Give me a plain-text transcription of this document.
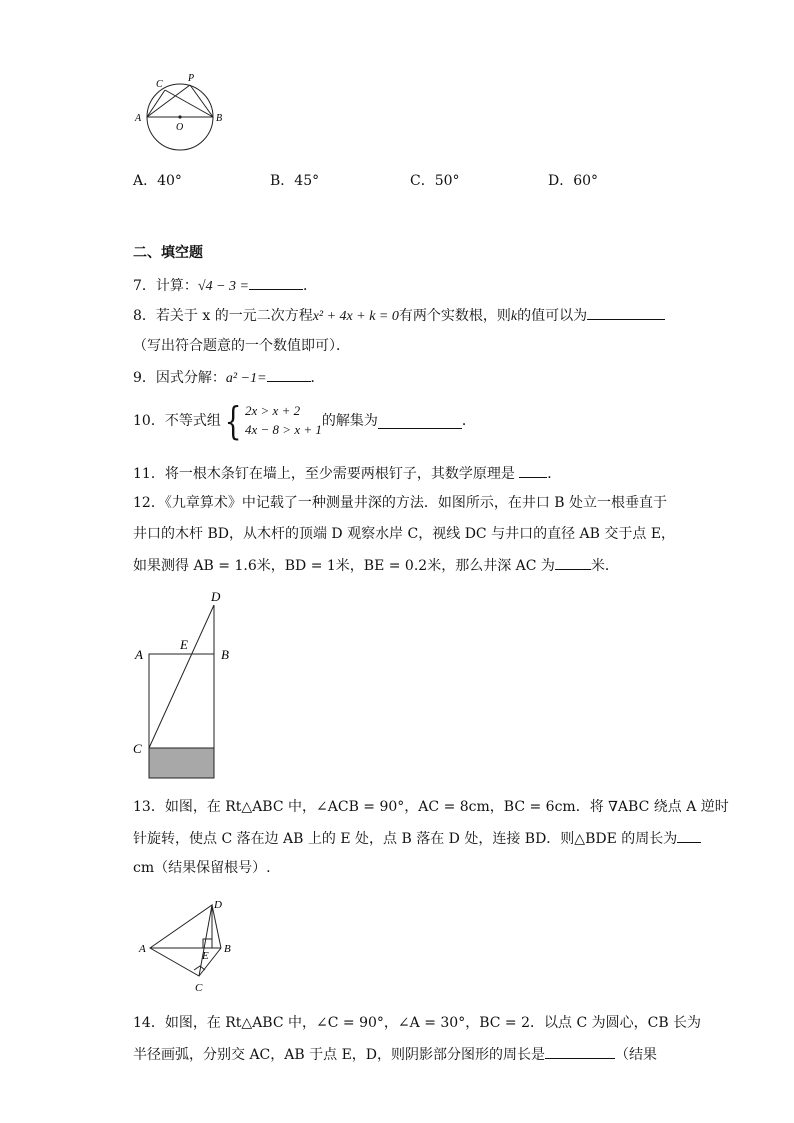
A	B
C
P
O
A．40°	B．45°	C．50°	D．60°
二、填空题
7．计算：√4 − 3 =	．
8．若关于 x 的一元二次方程x² + 4x + k = 0有两个实数根，则k的值可以为
（写出符合题意的一个数值即可）．
9．因式分解：a² −1=	．
10．不等式组{ 2x > x + 2
4x − 8 > x + 1的解集为	．
11．将一根木条钉在墙上，至少需要两根钉子，其数学原理是 ．
12．《九章算术》中记载了一种测量井深的方法．如图所示，在井口 B 处立一根垂直于
井口的木杆 BD，从木杆的顶端 D 观察水岸 C，视线 DC 与井口的直径 AB 交于点 E，
如果测得 AB = 1.6米，BD = 1米，BE = 0.2米，那么井深 AC 为	米．
D
A
E
B
C
13．如图，在 Rt△ABC 中，∠ACB = 90°，AC = 8cm，BC = 6cm．将 ∇ABC 绕点 A 逆时
针旋转，使点 C 落在边 AB 上的 E 处，点 B 落在 D 处，连接 BD．则△BDE 的周长为
cm（结果保留根号）.
A	B
C
D
E
14．如图，在 Rt△ABC 中，∠C = 90°，∠A = 30°，BC = 2．以点 C 为圆心，CB 长为
半径画弧，分别交 AC，AB 于点 E，D，则阴影部分图形的周长是	（结果
